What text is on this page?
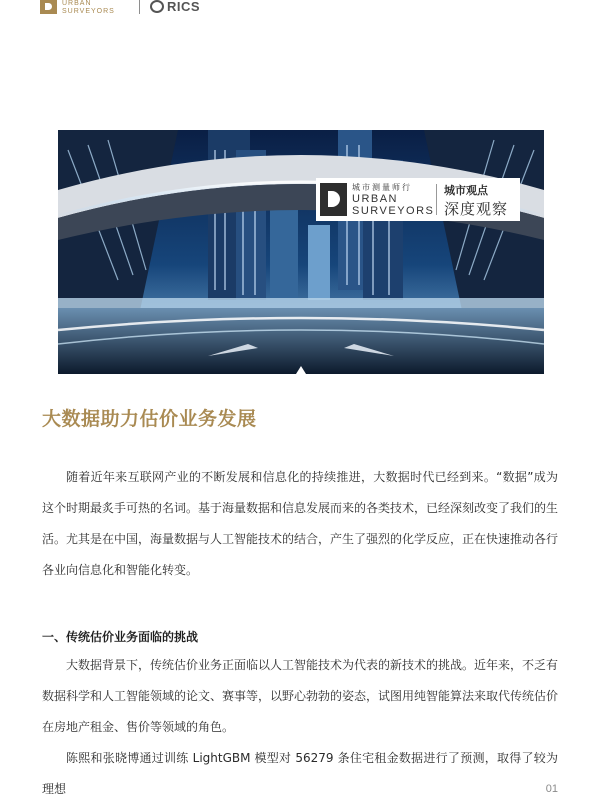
URBAN
SURVEYORS	RICS
城市测量师行
URBAN
SURVEYORS
城市观点
深度观察
大数据助力估价业务发展

随着近年来互联网产业的不断发展和信息化的持续推进，大数据时代已经到来。“数据”成为这个时期最炙手可热的名词。基于海量数据和信息发展而来的各类技术，已经深刻改变了我们的生活。尤其是在中国，海量数据与人工智能技术的结合，产生了强烈的化学反应，正在快速推动各行各业向信息化和智能化转变。

一、传统估价业务面临的挑战

大数据背景下，传统估价业务正面临以人工智能技术为代表的新技术的挑战。近年来，不乏有数据科学和人工智能领域的论文、赛事等，以野心勃勃的姿态，试图用纯智能算法来取代传统估价在房地产租金、售价等领域的角色。

陈熙和张晓博通过训练 LightGBM 模型对 56279 条住宅租金数据进行了预测，取得了较为理想	01
